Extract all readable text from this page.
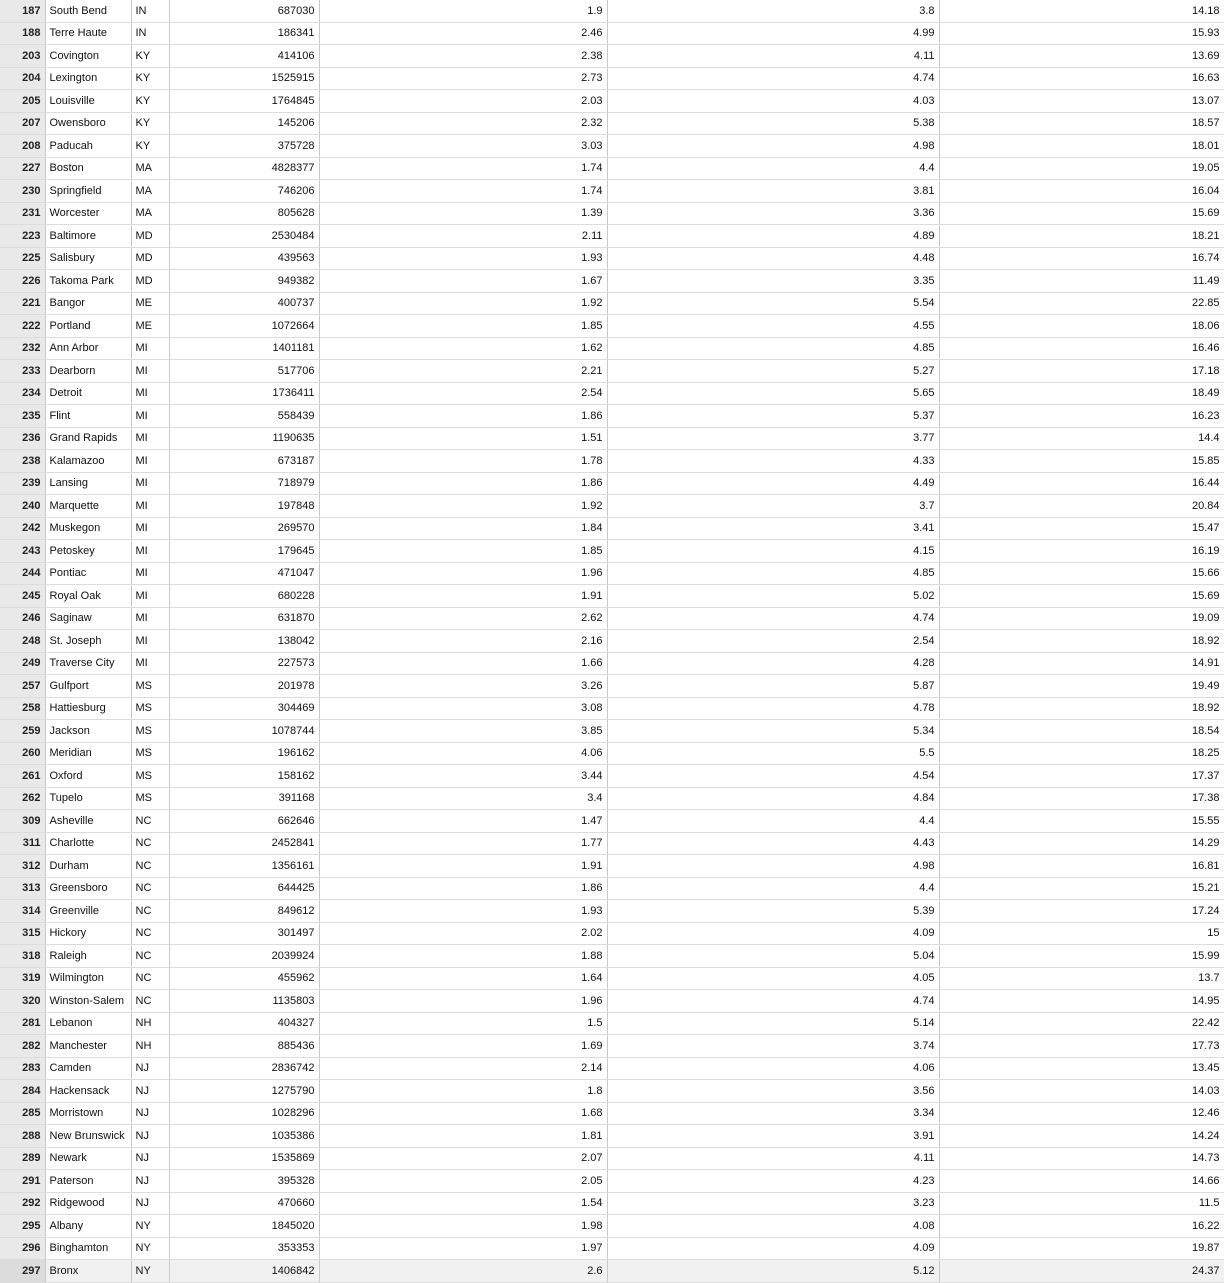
187	South Bend	IN	687030	1.9	3.8	14.18
188	Terre Haute	IN	186341	2.46	4.99	15.93
203	Covington	KY	414106	2.38	4.11	13.69
204	Lexington	KY	1525915	2.73	4.74	16.63
205	Louisville	KY	1764845	2.03	4.03	13.07
207	Owensboro	KY	145206	2.32	5.38	18.57
208	Paducah	KY	375728	3.03	4.98	18.01
227	Boston	MA	4828377	1.74	4.4	19.05
230	Springfield	MA	746206	1.74	3.81	16.04
231	Worcester	MA	805628	1.39	3.36	15.69
223	Baltimore	MD	2530484	2.11	4.89	18.21
225	Salisbury	MD	439563	1.93	4.48	16.74
226	Takoma Park	MD	949382	1.67	3.35	11.49
221	Bangor	ME	400737	1.92	5.54	22.85
222	Portland	ME	1072664	1.85	4.55	18.06
232	Ann Arbor	MI	1401181	1.62	4.85	16.46
233	Dearborn	MI	517706	2.21	5.27	17.18
234	Detroit	MI	1736411	2.54	5.65	18.49
235	Flint	MI	558439	1.86	5.37	16.23
236	Grand Rapids	MI	1190635	1.51	3.77	14.4
238	Kalamazoo	MI	673187	1.78	4.33	15.85
239	Lansing	MI	718979	1.86	4.49	16.44
240	Marquette	MI	197848	1.92	3.7	20.84
242	Muskegon	MI	269570	1.84	3.41	15.47
243	Petoskey	MI	179645	1.85	4.15	16.19
244	Pontiac	MI	471047	1.96	4.85	15.66
245	Royal Oak	MI	680228	1.91	5.02	15.69
246	Saginaw	MI	631870	2.62	4.74	19.09
248	St. Joseph	MI	138042	2.16	2.54	18.92
249	Traverse City	MI	227573	1.66	4.28	14.91
257	Gulfport	MS	201978	3.26	5.87	19.49
258	Hattiesburg	MS	304469	3.08	4.78	18.92
259	Jackson	MS	1078744	3.85	5.34	18.54
260	Meridian	MS	196162	4.06	5.5	18.25
261	Oxford	MS	158162	3.44	4.54	17.37
262	Tupelo	MS	391168	3.4	4.84	17.38
309	Asheville	NC	662646	1.47	4.4	15.55
311	Charlotte	NC	2452841	1.77	4.43	14.29
312	Durham	NC	1356161	1.91	4.98	16.81
313	Greensboro	NC	644425	1.86	4.4	15.21
314	Greenville	NC	849612	1.93	5.39	17.24
315	Hickory	NC	301497	2.02	4.09	15
318	Raleigh	NC	2039924	1.88	5.04	15.99
319	Wilmington	NC	455962	1.64	4.05	13.7
320	Winston-Salem	NC	1135803	1.96	4.74	14.95
281	Lebanon	NH	404327	1.5	5.14	22.42
282	Manchester	NH	885436	1.69	3.74	17.73
283	Camden	NJ	2836742	2.14	4.06	13.45
284	Hackensack	NJ	1275790	1.8	3.56	14.03
285	Morristown	NJ	1028296	1.68	3.34	12.46
288	New Brunswick	NJ	1035386	1.81	3.91	14.24
289	Newark	NJ	1535869	2.07	4.11	14.73
291	Paterson	NJ	395328	2.05	4.23	14.66
292	Ridgewood	NJ	470660	1.54	3.23	11.5
295	Albany	NY	1845020	1.98	4.08	16.22
296	Binghamton	NY	353353	1.97	4.09	19.87
297	Bronx	NY	1406842	2.6	5.12	24.37
